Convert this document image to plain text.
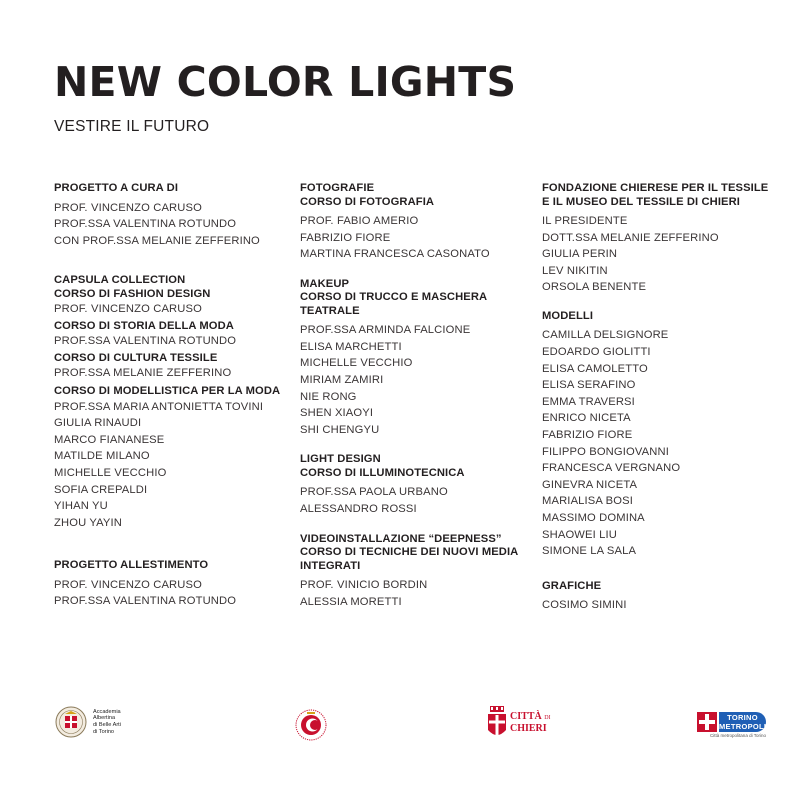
NEW COLOR LIGHTS
VESTIRE IL FUTURO
PROGETTO A CURA DI
PROF. VINCENZO CARUSO
PROF.SSA VALENTINA ROTUNDO
CON PROF.SSA MELANIE ZEFFERINO
CAPSULA COLLECTION
CORSO DI FASHION DESIGN
PROF. VINCENZO CARUSO
CORSO DI STORIA DELLA MODA
PROF.SSA VALENTINA ROTUNDO
CORSO DI CULTURA TESSILE
PROF.SSA MELANIE ZEFFERINO
CORSO DI MODELLISTICA PER LA MODA
PROF.SSA MARIA ANTONIETTA TOVINI
GIULIA RINAUDI
MARCO FIANANESE
MATILDE MILANO
MICHELLE VECCHIO
SOFIA CREPALDI
YIHAN YU
ZHOU YAYIN
PROGETTO ALLESTIMENTO
PROF. VINCENZO CARUSO
PROF.SSA VALENTINA ROTUNDO
FOTOGRAFIE
CORSO DI FOTOGRAFIA
PROF. FABIO AMERIO
FABRIZIO FIORE
MARTINA FRANCESCA CASONATO
MAKEUP
CORSO DI TRUCCO E MASCHERA
TEATRALE
PROF.SSA ARMINDA FALCIONE
ELISA MARCHETTI
MICHELLE VECCHIO
MIRIAM ZAMIRI
NIE RONG
SHEN XIAOYI
SHI CHENGYU
LIGHT DESIGN
CORSO DI ILLUMINOTECNICA
PROF.SSA PAOLA URBANO
ALESSANDRO ROSSI
VIDEOINSTALLAZIONE “DEEPNESS”
CORSO DI TECNICHE DEI NUOVI MEDIA
INTEGRATI
PROF. VINICIO BORDIN
ALESSIA MORETTI
FONDAZIONE CHIERESE PER IL TESSILE
E IL MUSEO DEL TESSILE DI CHIERI
IL PRESIDENTE
DOTT.SSA MELANIE ZEFFERINO
GIULIA PERIN
LEV NIKITIN
ORSOLA BENENTE
MODELLI
CAMILLA DELSIGNORE
EDOARDO GIOLITTI
ELISA CAMOLETTO
ELISA SERAFINO
EMMA TRAVERSI
ENRICO NICETA
FABRIZIO FIORE
FILIPPO BONGIOVANNI
FRANCESCA VERGNANO
GINEVRA NICETA
MARIALISA BOSI
MASSIMO DOMINA
SHAOWEI LIU
SIMONE LA SALA
GRAFICHE
COSIMO SIMINI
Accademia
Albertina
di Belle Arti
di Torino
CITTÀ DI
CHIERI
TORINO
METROPOLI
Città metropolitana di Torino
